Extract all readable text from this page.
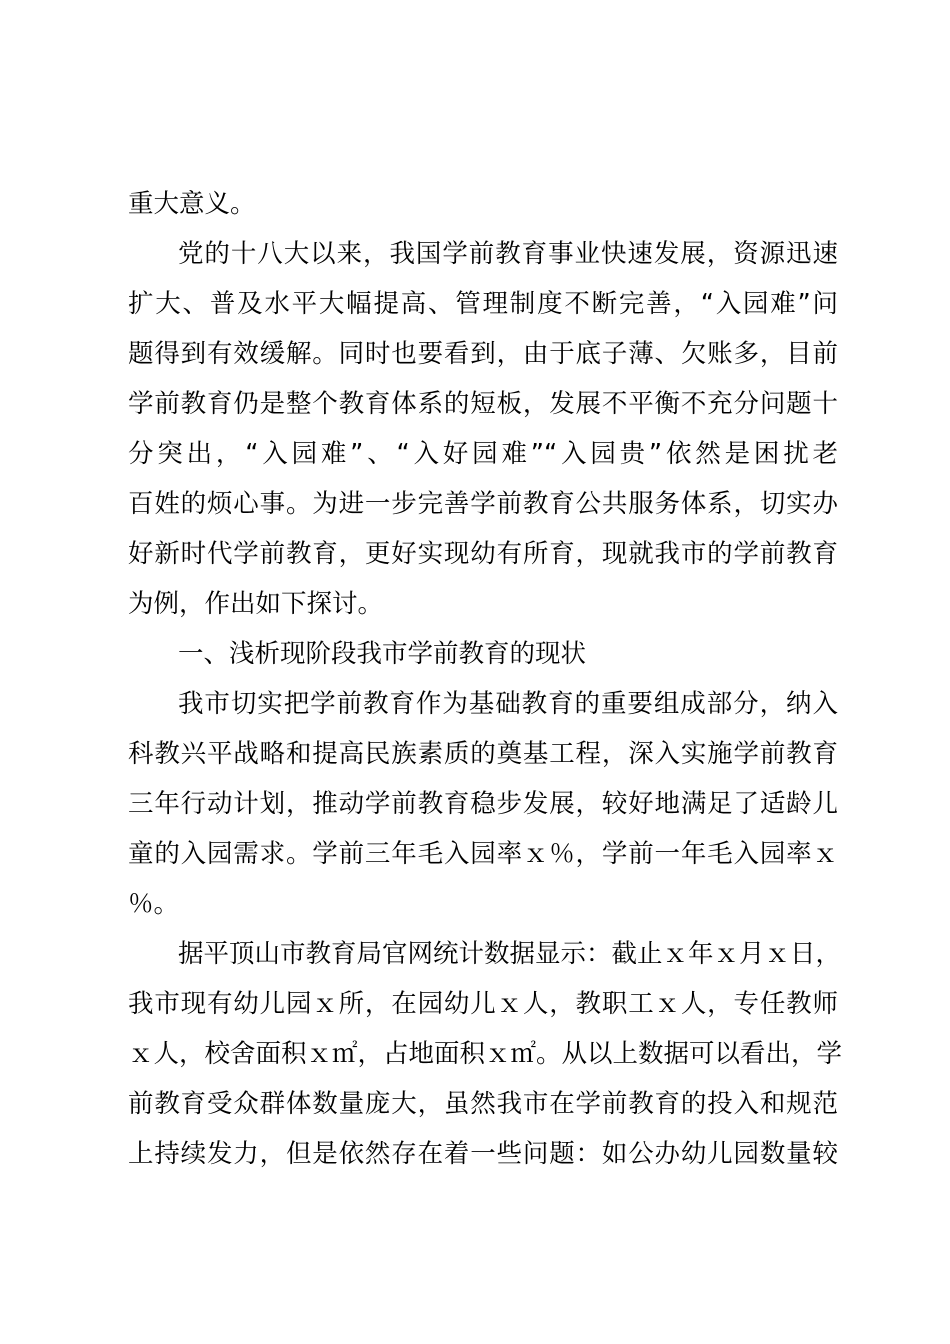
重大意义。
党的十八大以来，我国学前教育事业快速发展，资源迅速
扩大、普及水平大幅提高、管理制度不断完善，“入园难”问
题得到有效缓解。同时也要看到，由于底子薄、欠账多，目前
学前教育仍是整个教育体系的短板，发展不平衡不充分问题十
分突出，“入园难”、“入好园难”“入园贵”依然是困扰老
百姓的烦心事。为进一步完善学前教育公共服务体系，切实办
好新时代学前教育，更好实现幼有所育，现就我市的学前教育
为例，作出如下探讨。
一、浅析现阶段我市学前教育的现状
我市切实把学前教育作为基础教育的重要组成部分，纳入
科教兴平战略和提高民族素质的奠基工程，深入实施学前教育
三年行动计划，推动学前教育稳步发展，较好地满足了适龄儿
童的入园需求。学前三年毛入园率ｘ％，学前一年毛入园率ｘ
％。
据平顶山市教育局官网统计数据显示：截止ｘ年ｘ月ｘ日，
我市现有幼儿园ｘ所，在园幼儿ｘ人，教职工ｘ人，专任教师
ｘ人，校舍面积ｘ㎡，占地面积ｘ㎡。从以上数据可以看出，学
前教育受众群体数量庞大，虽然我市在学前教育的投入和规范
上持续发力，但是依然存在着一些问题：如公办幼儿园数量较
